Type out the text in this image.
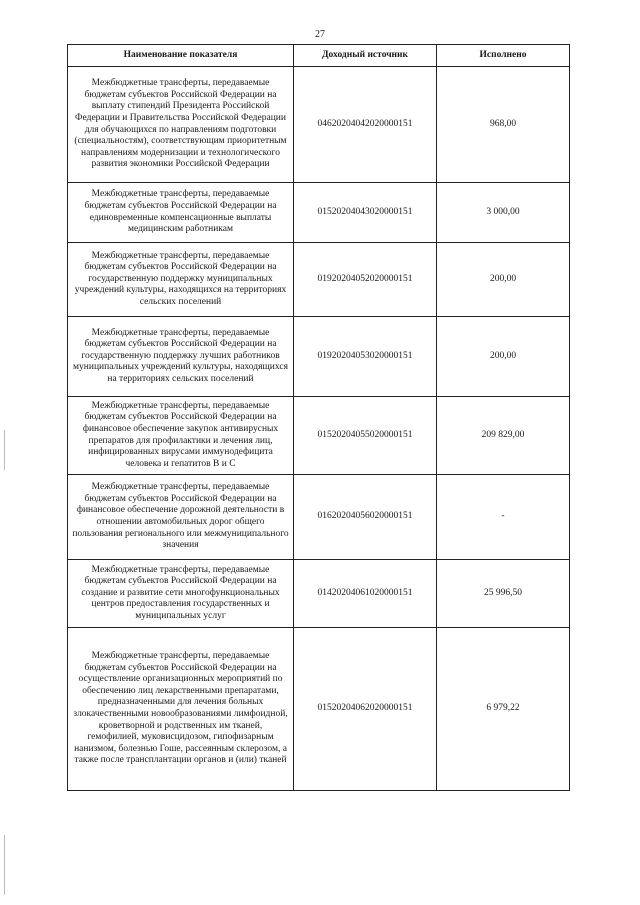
27
Наименование показателя	Доходный источник	Исполнено
Межбюджетные трансферты, передаваемые бюджетам субъектов Российской Федерации на выплату стипендий Президента Российской Федерации и Правительства Российской Федерации для обучающихся по направлениям подготовки (специальностям), соответствующим приоритетным направлениям модернизации и технологического развития экономики Российской Федерации	04620204042020000151	968,00
Межбюджетные трансферты, передаваемые бюджетам субъектов Российской Федерации на единовременные компенсационные выплаты медицинским работникам	01520204043020000151	3 000,00
Межбюджетные трансферты, передаваемые бюджетам субъектов Российской Федерации на государственную поддержку муниципальных учреждений культуры, находящихся на территориях сельских поселений	01920204052020000151	200,00
Межбюджетные трансферты, передаваемые бюджетам субъектов Российской Федерации на государственную поддержку лучших работников муниципальных учреждений культуры, находящихся на территориях сельских поселений	01920204053020000151	200,00
Межбюджетные трансферты, передаваемые бюджетам субъектов Российской Федерации на финансовое обеспечение закупок антивирусных препаратов для профилактики и лечения лиц, инфицированных вирусами иммунодефицита человека и гепатитов В и С	01520204055020000151	209 829,00
Межбюджетные трансферты, передаваемые бюджетам субъектов Российской Федерации на финансовое обеспечение дорожной деятельности в отношении автомобильных дорог общего пользования регионального или межмуниципального значения	01620204056020000151	-
Межбюджетные трансферты, передаваемые бюджетам субъектов Российской Федерации на создание и развитие сети многофункциональных центров предоставления государственных и муниципальных услуг	01420204061020000151	25 996,50
Межбюджетные трансферты, передаваемые бюджетам субъектов Российской Федерации на осуществление организационных мероприятий по обеспечению лиц лекарственными препаратами, предназначенными для лечения больных злокачественными новообразованиями лимфоидной, кроветворной и родственных им тканей, гемофилией, муковисцидозом, гипофизарным нанизмом, болезнью Гоше, рассеянным склерозом, а также после трансплантации органов и (или) тканей	01520204062020000151	6 979,22
